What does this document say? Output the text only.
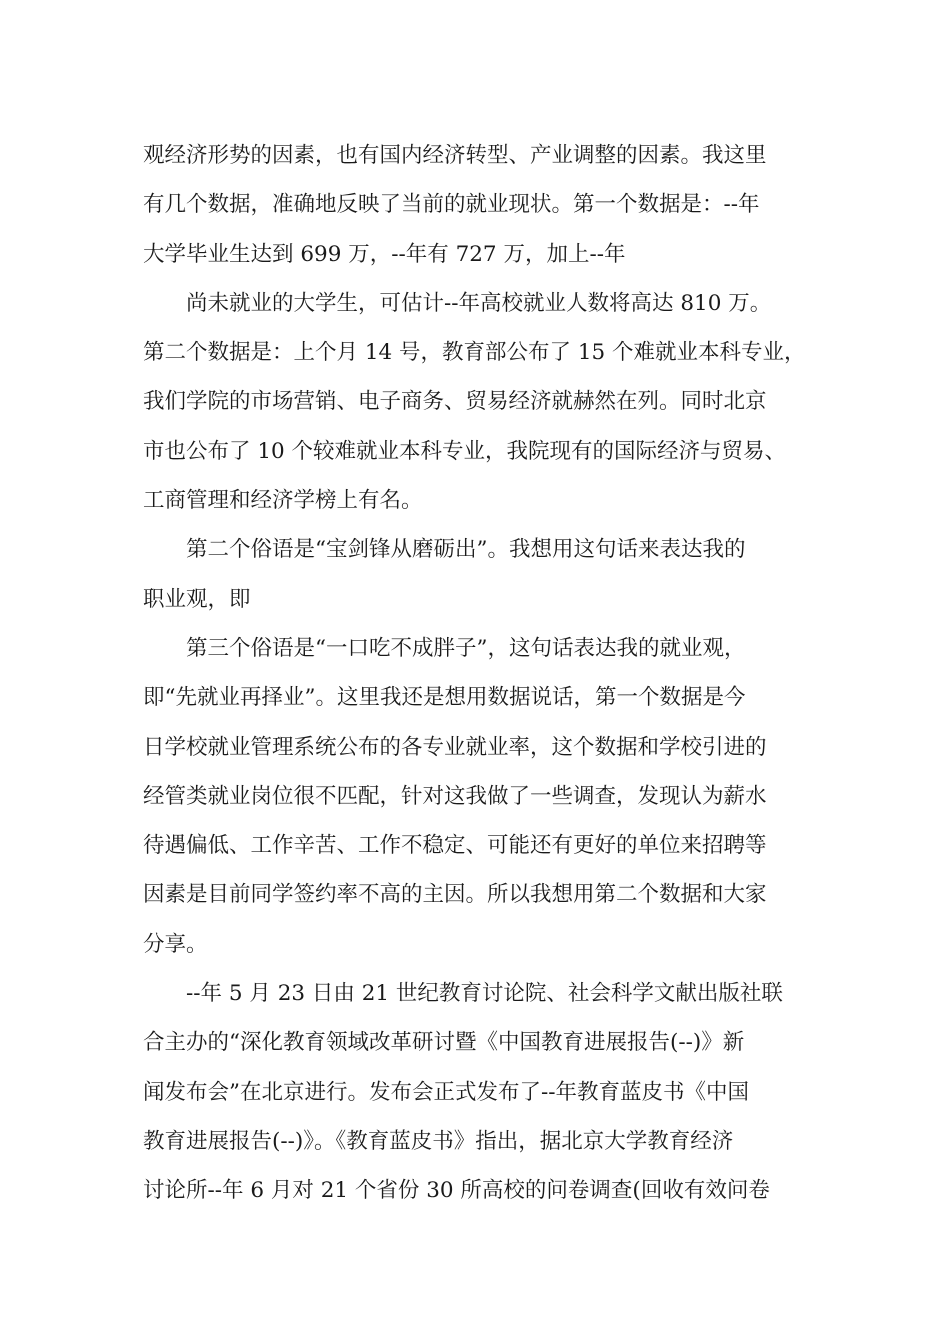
观经济形势的因素，也有国内经济转型、产业调整的因素。我这里
有几个数据，准确地反映了当前的就业现状。第一个数据是：--年
大学毕业生达到 699 万，--年有 727 万，加上--年
尚未就业的大学生，可估计--年高校就业人数将高达 810 万。
第二个数据是：上个月 14 号，教育部公布了 15 个难就业本科专业，
我们学院的市场营销、电子商务、贸易经济就赫然在列。同时北京
市也公布了 10 个较难就业本科专业，我院现有的国际经济与贸易、
工商管理和经济学榜上有名。
第二个俗语是“宝剑锋从磨砺出”。我想用这句话来表达我的
职业观，即
第三个俗语是“一口吃不成胖子”，这句话表达我的就业观，
即“先就业再择业”。这里我还是想用数据说话，第一个数据是今
日学校就业管理系统公布的各专业就业率，这个数据和学校引进的
经管类就业岗位很不匹配，针对这我做了一些调查，发现认为薪水
待遇偏低、工作辛苦、工作不稳定、可能还有更好的单位来招聘等
因素是目前同学签约率不高的主因。所以我想用第二个数据和大家
分享。
--年 5 月 23 日由 21 世纪教育讨论院、社会科学文献出版社联
合主办的“深化教育领域改革研讨暨《中国教育进展报告(--)》新
闻发布会”在北京进行。发布会正式发布了--年教育蓝皮书《中国
教育进展报告(--)》。《教育蓝皮书》指出，据北京大学教育经济
讨论所--年 6 月对 21 个省份 30 所高校的问卷调查(回收有效问卷
